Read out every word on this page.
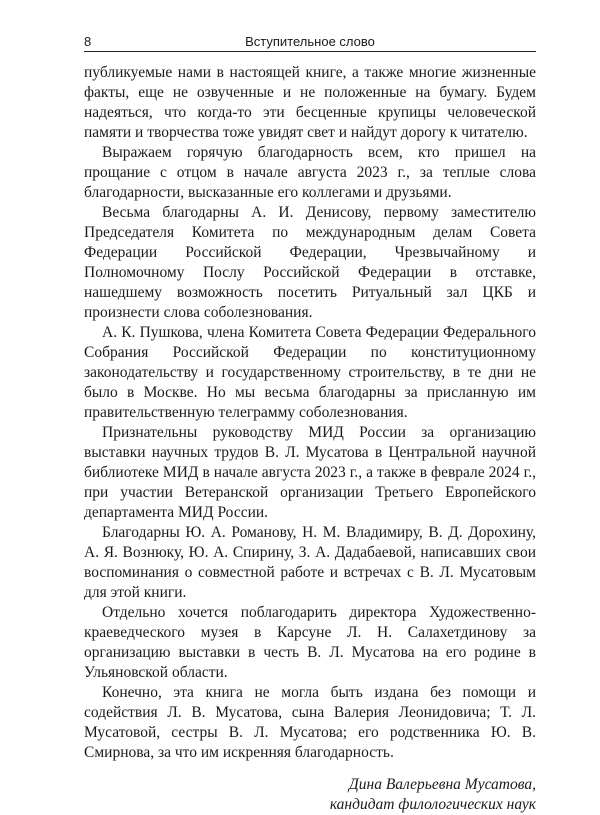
8	Вступительное слово

публикуемые нами в настоящей книге, а также многие жизненные факты, еще не озвученные и не положенные на бумагу. Будем надеяться, что когда-то эти бесценные крупицы человеческой памяти и творчества тоже увидят свет и найдут дорогу к читателю.

Выражаем горячую благодарность всем, кто пришел на прощание с отцом в начале августа 2023 г., за теплые слова благодарности, высказанные его коллегами и друзьями.

Весьма благодарны А. И. Денисову, первому заместителю Председателя Комитета по международным делам Совета Федерации Российской Федерации, Чрезвычайному и Полномочному Послу Российской Федерации в отставке, нашедшему возможность посетить Ритуальный зал ЦКБ и произнести слова соболезнования.

А. К. Пушкова, члена Комитета Совета Федерации Федерального Собрания Российской Федерации по конституционному законодательству и государственному строительству, в те дни не было в Москве. Но мы весьма благодарны за присланную им правительственную телеграмму соболезнования.

Признательны руководству МИД России за организацию выставки научных трудов В. Л. Мусатова в Центральной научной библиотеке МИД в начале августа 2023 г., а также в феврале 2024 г., при участии Ветеранской организации Третьего Европейского департамента МИД России.

Благодарны Ю. А. Романову, Н. М. Владимиру, В. Д. Дорохину, А. Я. Вознюку, Ю. А. Спирину, З. А. Дадабаевой, написавших свои воспоминания о совместной работе и встречах с В. Л. Мусатовым для этой книги.

Отдельно хочется поблагодарить директора Художественно-краеведческого музея в Карсуне Л. Н. Салахетдинову за организацию выставки в честь В. Л. Мусатова на его родине в Ульяновской области.

Конечно, эта книга не могла быть издана без помощи и содействия Л. В. Мусатова, сына Валерия Леонидовича; Т. Л. Мусатовой, сестры В. Л. Мусатова; его родственника Ю. В. Смирнова, за что им искренняя благодарность.

Дина Валерьевна Мусатова,
кандидат филологических наук
